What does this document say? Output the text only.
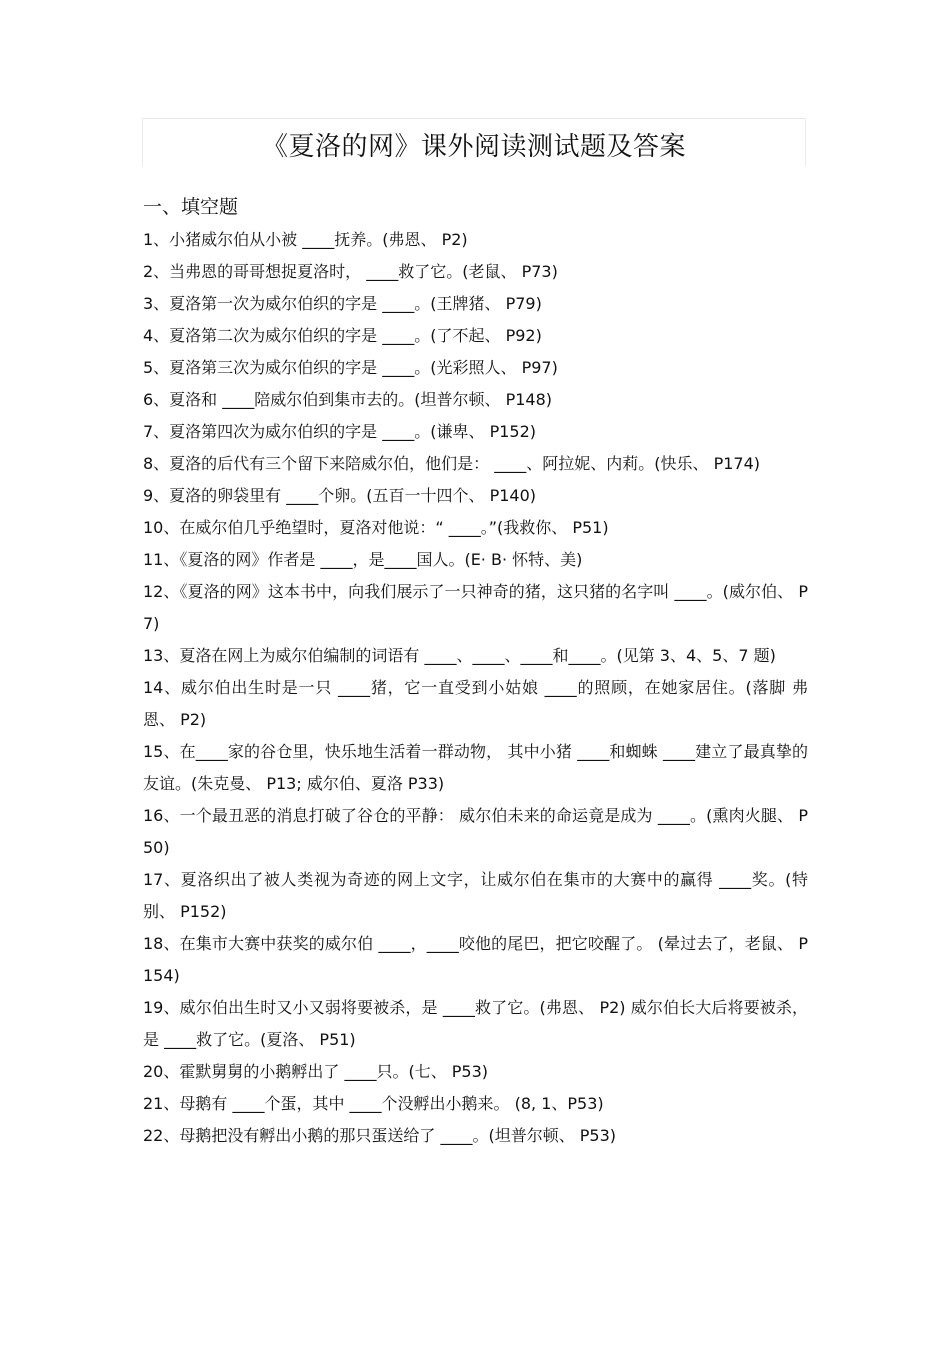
《夏洛的网》课外阅读测试题及答案
一、填空题

1、小猪威尔伯从小被 ____抚养。(弗恩、 P2)

2、当弗恩的哥哥想捉夏洛时， ____救了它。(老鼠、 P73)

3、夏洛第一次为威尔伯织的字是 ____。(王牌猪、 P79)

4、夏洛第二次为威尔伯织的字是 ____。(了不起、 P92)

5、夏洛第三次为威尔伯织的字是 ____。(光彩照人、 P97)

6、夏洛和 ____陪威尔伯到集市去的。(坦普尔顿、 P148)

7、夏洛第四次为威尔伯织的字是 ____。(谦卑、 P152)

8、夏洛的后代有三个留下来陪威尔伯，他们是： ____、阿拉妮、内莉。(快乐、 P174)

9、夏洛的卵袋里有 ____个卵。(五百一十四个、 P140)

10、在威尔伯几乎绝望时，夏洛对他说：“ ____。”(我救你、 P51)

11、《夏洛的网》作者是 ____，是____国人。(E· B· 怀特、美)

12、《夏洛的网》这本书中，向我们展示了一只神奇的猪，这只猪的名字叫 ____。(威尔伯、 P7)

13、夏洛在网上为威尔伯编制的词语有 ____、____、____和____。(见第 3、4、5、7 题)

14、威尔伯出生时是一只 ____猪，它一直受到小姑娘 ____的照顾，在她家居住。(落脚 弗恩、 P2)

15、在____家的谷仓里，快乐地生活着一群动物， 其中小猪 ____和蜘蛛 ____建立了最真挚的友谊。(朱克曼、 P13; 威尔伯、夏洛 P33)

16、一个最丑恶的消息打破了谷仓的平静： 威尔伯未来的命运竟是成为 ____。(熏肉火腿、 P50)

17、夏洛织出了被人类视为奇迹的网上文字，让威尔伯在集市的大赛中的赢得 ____奖。(特别、 P152)

18、在集市大赛中获奖的威尔伯 ____，____咬他的尾巴，把它咬醒了。 (晕过去了，老鼠、 P154)

19、威尔伯出生时又小又弱将要被杀，是 ____救了它。(弗恩、 P2) 威尔伯长大后将要被杀，是 ____救了它。(夏洛、 P51)

20、霍默舅舅的小鹅孵出了 ____只。(七、 P53)

21、母鹅有 ____个蛋，其中 ____个没孵出小鹅来。 (8, 1、P53)

22、母鹅把没有孵出小鹅的那只蛋送给了 ____。(坦普尔顿、 P53)
